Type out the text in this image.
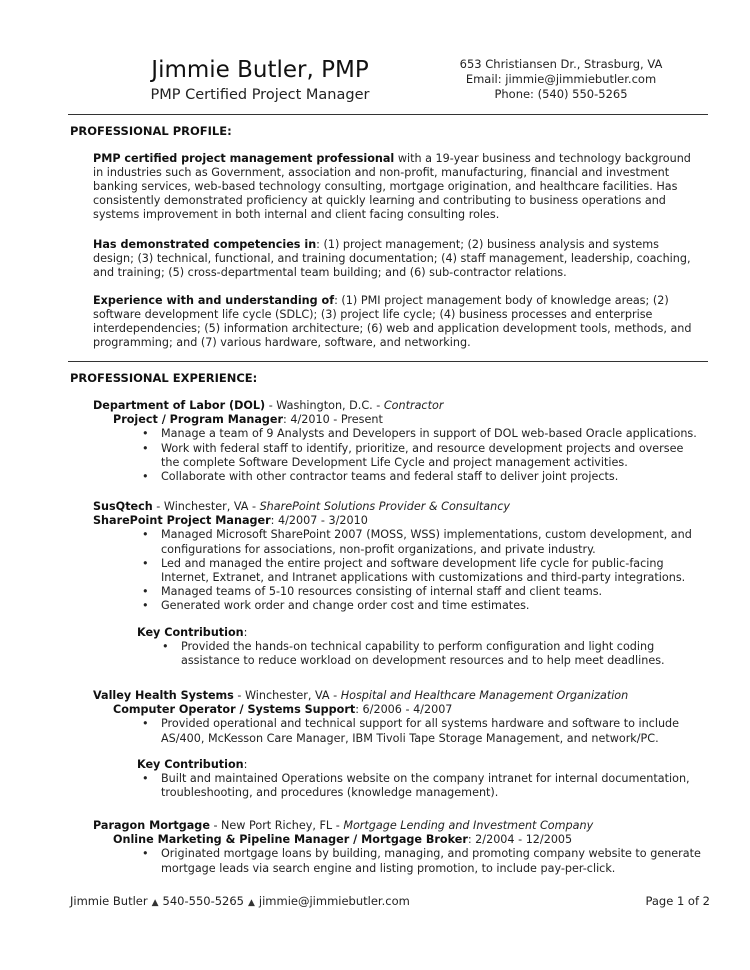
Jimmie Butler, PMP
PMP Certified Project Manager
653 Christiansen Dr., Strasburg, VA
Email: jimmie@jimmiebutler.com
Phone: (540) 550-5265
PROFESSIONAL PROFILE:
PMP certified project management professional with a 19-year business and technology background in industries such as Government, association and non-profit, manufacturing, financial and investment banking services, web-based technology consulting, mortgage origination, and healthcare facilities. Has consistently demonstrated proficiency at quickly learning and contributing to business operations and systems improvement in both internal and client facing consulting roles.
Has demonstrated competencies in: (1) project management; (2) business analysis and systems design; (3) technical, functional, and training documentation; (4) staff management, leadership, coaching, and training; (5) cross-departmental team building; and (6) sub-contractor relations.
Experience with and understanding of: (1) PMI project management body of knowledge areas; (2) software development life cycle (SDLC); (3) project life cycle; (4) business processes and enterprise interdependencies; (5) information architecture; (6) web and application development tools, methods, and programming; and (7) various hardware, software, and networking.
PROFESSIONAL EXPERIENCE:
Department of Labor (DOL) - Washington, D.C. - Contractor
Project / Program Manager: 4/2010 - Present
• Manage a team of 9 Analysts and Developers in support of DOL web-based Oracle applications.
• Work with federal staff to identify, prioritize, and resource development projects and oversee the complete Software Development Life Cycle and project management activities.
• Collaborate with other contractor teams and federal staff to deliver joint projects.
SusQtech - Winchester, VA - SharePoint Solutions Provider & Consultancy
SharePoint Project Manager: 4/2007 - 3/2010
• Managed Microsoft SharePoint 2007 (MOSS, WSS) implementations, custom development, and configurations for associations, non-profit organizations, and private industry.
• Led and managed the entire project and software development life cycle for public-facing Internet, Extranet, and Intranet applications with customizations and third-party integrations.
• Managed teams of 5-10 resources consisting of internal staff and client teams.
• Generated work order and change order cost and time estimates.
Key Contribution:
• Provided the hands-on technical capability to perform configuration and light coding assistance to reduce workload on development resources and to help meet deadlines.
Valley Health Systems - Winchester, VA - Hospital and Healthcare Management Organization
Computer Operator / Systems Support: 6/2006 - 4/2007
• Provided operational and technical support for all systems hardware and software to include AS/400, McKesson Care Manager, IBM Tivoli Tape Storage Management, and network/PC.
Key Contribution:
• Built and maintained Operations website on the company intranet for internal documentation, troubleshooting, and procedures (knowledge management).
Paragon Mortgage - New Port Richey, FL - Mortgage Lending and Investment Company
Online Marketing & Pipeline Manager / Mortgage Broker: 2/2004 - 12/2005
• Originated mortgage loans by building, managing, and promoting company website to generate mortgage leads via search engine and listing promotion, to include pay-per-click.
Jimmie Butler ▲ 540-550-5265 ▲ jimmie@jimmiebutler.com	Page 1 of 2
